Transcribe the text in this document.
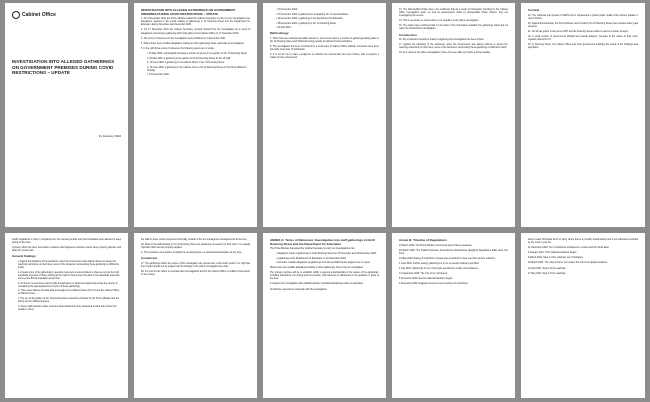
Cabinet Office
INVESTIGATION INTO ALLEGED GATHERINGS ON GOVERNMENT PREMISES DURING COVID RESTRICTIONS – UPDATE
31 January 2022
INVESTIGATION INTO ALLEGED GATHERINGS ON GOVERNMENT PREMISES DURING COVID RESTRICTIONS – UPDATE

1. On 8 December 2021 the Prime Minister asked the Cabinet Secretary to carry out an investigation into allegations reported in the media relating to gatherings in 10 Downing Street and the Department for Education during November and December 2020.

2. On 17 December 2021 the Cabinet Secretary recused himself from the investigation as a result of allegations concerning a gathering which took place in the Cabinet Office on 17 December 2020.

3. The terms of reference for the investigation were published on 9 December 2021.

4. Where there were credible allegations relating to other gatherings these could also be investigated.

5. In line with those terms of reference the following events are in scope:

i. 15 May 2020: a photograph showing a number of groups in the garden of No. 10 Downing Street

ii. 20 May 2020: a gathering in the garden of No 10 Downing Street for No 10 staff

iii. 18 June 2020: a gathering in the Cabinet Room in No. 10 Downing Street

iv. 19 June 2020: a gathering in the Cabinet room in No 10 Downing Street on the Prime Minister's birthday

v. 13 November 2020:

• 17 November 2020:

• 27 November 2020: a gathering for a departing No. 10 special adviser

• 10 December 2020: a gathering in the Department for Education

• 15 December 2020: a gathering in No. 10 Downing Street

• 16 April 2021:

Methodology

7. There has been widespread public interest in, and concern about, a number of gatherings taking place in No 10 Downing Street and Whitehall during periods of national Covid restrictions.

8. The investigation has been conducted by a small team of Cabinet Office officials. Interviews have been held with more than 70 individuals.

9. It is not for me to make a judgment on whether the criminal law has been broken, that is properly a matter for law enforcement.

13. The Metropolitan Police have now confirmed that as a result of information provided by the Cabinet Office investigation team, as well as assessments made by Metropolitan Police officers, they are investigating the events.

14. This is necessary to ensure there is no prejudice to the police investigation.

15. The police have confirmed that on the basis of the information available the gatherings below did not reach the threshold for investigation.

Conclusions

16. My conclusions should be drawn recognising this investigation has been limited.

17. Against the backdrop of the pandemic, when the Government was asking citizens to accept far-reaching restrictions on their lives, some of the behaviour surrounding these gatherings is difficult to justify.

18. As a result of the police investigation I have only been able to provide a limited update.

Context

19. The outbreak and spread of SARS-CoV-2 represented a global public health crisis without parallel in recent history.

20. Against this backdrop, the Prime Minister and his staff in No 10 Downing Street have worked under great pressure.

21. No 10 has grown in size since 1997 and the Downing Street estate is used in a variety of ways.

22. A small number of Government officials and special advisers, because of the nature of their work, regularly attend No 10.

23. In Downing Street, the Cabinet Office and other government buildings the extent of the buildings was significant.

health regulations in force in England over the relevant periods and that individuals were advised to keep strictly to the rules.

(ii) Every effort has been expended to capture what happened, whether events were properly planned, and what the context was.

General findings

i. Against the backdrop of the pandemic, when the Government was asking citizens to accept far-reaching restrictions on their lives, some of the behaviour surrounding these gatherings is difficult to justify.

ii. At least some of the gatherings in question represent a serious failure to observe not just the high standards expected of those working at the heart of Government but also of the standards expected of the entire British population at the time.

iii. At times it seems there was too little thought given to what was happening across the country in considering the appropriateness of some of these gatherings.

iv. There were failures of leadership and judgment by different parts of No 10 and the Cabinet Office at different times.

v. The use of the garden at No 10 Downing Street should be primarily for the Prime Minister and his family and for official purposes.

vi. Some staff wanted to raise concerns about behaviours they witnessed at work but at times felt unable to do so.

the staff on these points concerned informally, outside of the line management arrangements at the time.

viii. Most of the staff working in No 10 Downing Street are absolutely necessary for their work. It is equally important that rules are properly applied.

ix. The excessive consumption of alcohol is not appropriate in a professional workplace at any time.

Conclusion

37. The gatherings within the scope of this investigation are spread over a 20-month period. It is right that their impact should not be judged until the findings of the police investigation are clear.

38. It is now for the police to complete their investigations and for the Cabinet Office to publish a final report in due course.

ANNEX A: Terms of Reference: Investigation into staff gatherings in No10 Downing Street and the Department for Education

The Prime Minister has asked the Cabinet Secretary to carry out investigations into:

• allegations made of gatherings in No10 Downing Street on 27 November and 18 December 2020;

• a gathering at the Department for Education on 10 December 2020;

• and other credible allegations of gatherings in No10 and DfE that are judged to be in scope.

Where there are credible allegations relating to other gatherings, these may be investigated.

The primary purpose will be to establish swiftly a general understanding of the nature of the gatherings, including attendance, the setting and the purpose, with reference to adherence to the guidance in place at the time.

If required, the investigation will establish whether individual disciplinary action is warranted.

All staff are expected to cooperate with the investigation.

Annex B: Timeline of Regulations

23 March 2020: The Prime Minister announced stay-at-home measures.

26 March 2020: The Health Protection (Coronavirus, Restrictions) (England) Regulations 2020 came into force.

13 May 2020: Easing of restrictions: people were permitted to meet one other person outdoors.

1 June 2020: Further easing: gatherings of up to six people outdoors permitted.

4 July 2020: Gatherings of up to 30 people permitted in certain circumstances.

14 September 2020: The 'rule of six' introduced.

5 November 2020: Second national lockdown began.

2 December 2020: England moved to a tiered system of restrictions.

have to wear Christmas lunch or party, where that is a primarily social activity and is not otherwise permitted by the rules in your tier.

21 December 2020: Tier 4 restrictions introduced in London and the South East.

6 January 2021: Third national lockdown began.

8 March 2021: Step 1 of the roadmap out of lockdown.

29 March 2021: The 'stay at home' rule ended; the rule of six applied outdoors.

12 April 2021: Step 2 of the roadmap.

17 May 2021: Step 3 of the roadmap.
